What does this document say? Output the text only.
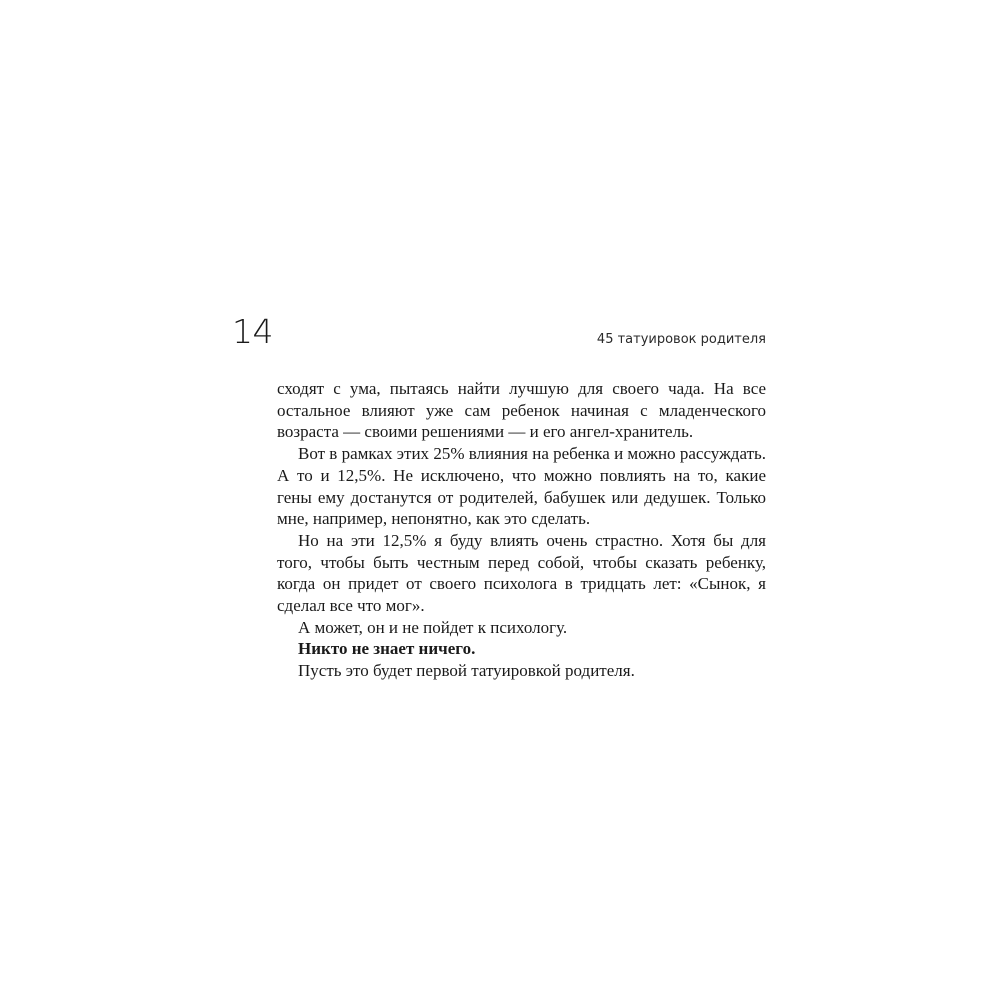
14	45 татуировок родителя

сходят с ума, пытаясь найти лучшую для своего чада. На все остальное влияют уже сам ребенок начиная с младенческого возраста — своими решениями — и его ангел-хранитель.

Вот в рамках этих 25% влияния на ребенка и можно рассуждать. А то и 12,5%. Не исключено, что можно повлиять на то, какие гены ему достанутся от родителей, бабушек или дедушек. Только мне, например, непонятно, как это сделать.

Но на эти 12,5% я буду влиять очень страстно. Хотя бы для того, чтобы быть честным перед собой, чтобы сказать ребенку, когда он придет от своего психолога в тридцать лет: «Сынок, я сделал все что мог».

А может, он и не пойдет к психологу.

Никто не знает ничего.

Пусть это будет первой татуировкой родителя.
